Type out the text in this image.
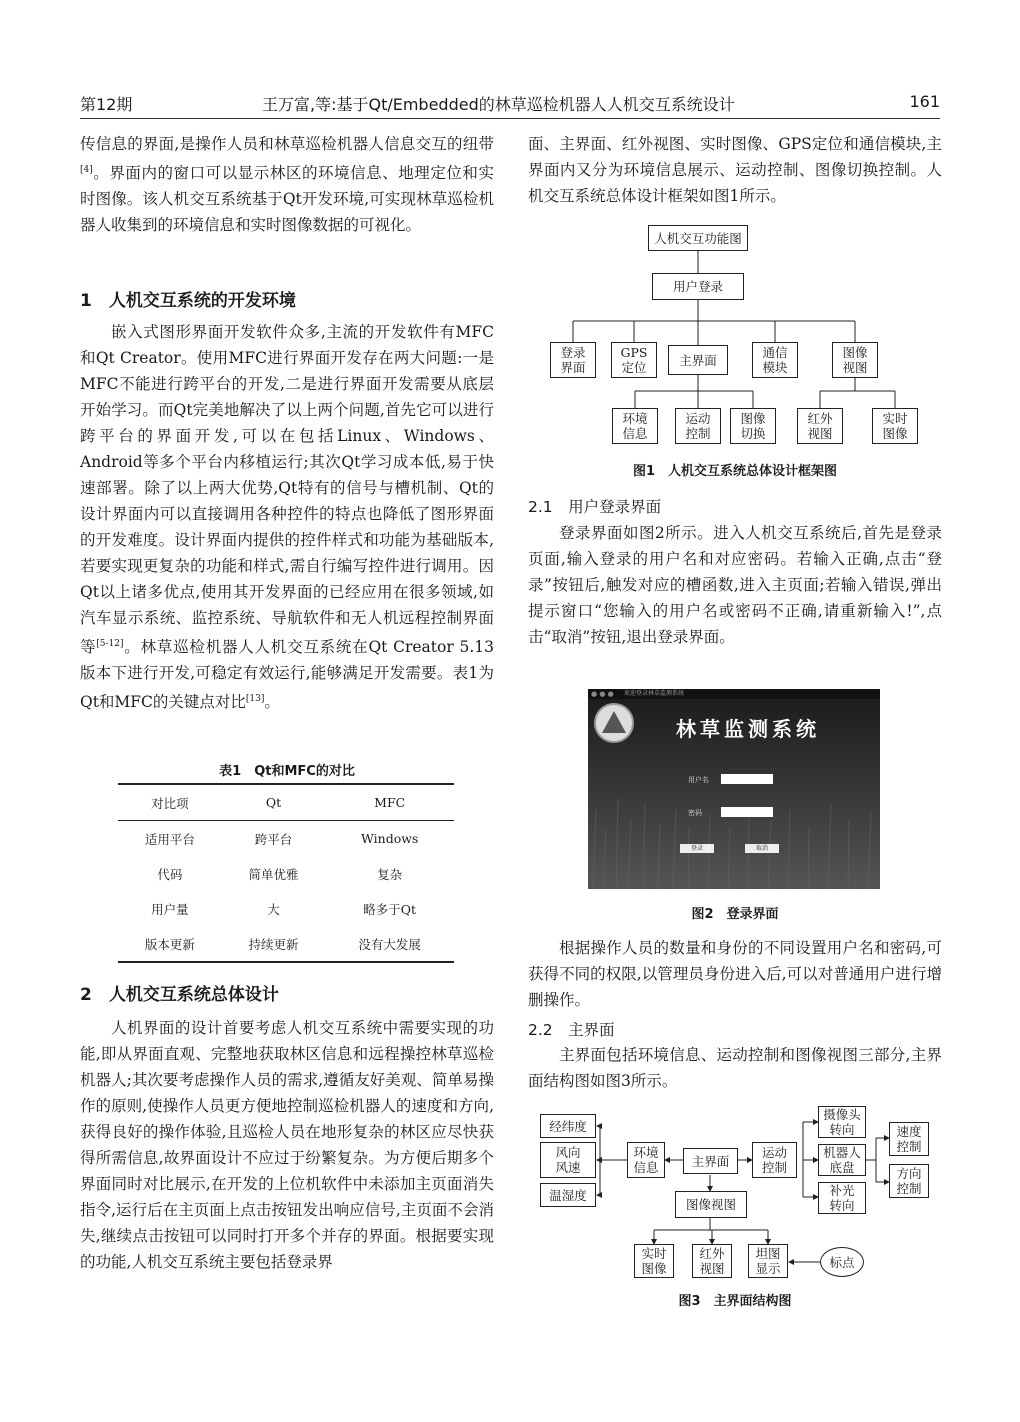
第12期	王万富,等:基于Qt/Embedded的林草巡检机器人人机交互系统设计	161

传信息的界面,是操作人员和林草巡检机器人信息交互的纽带[4]。界面内的窗口可以显示林区的环境信息、地理定位和实时图像。该人机交互系统基于Qt开发环境,可实现林草巡检机器人收集到的环境信息和实时图像数据的可视化。

1　人机交互系统的开发环境

嵌入式图形界面开发软件众多,主流的开发软件有MFC和Qt Creator。使用MFC进行界面开发存在两大问题:一是MFC不能进行跨平台的开发,二是进行界面开发需要从底层开始学习。而Qt完美地解决了以上两个问题,首先它可以进行跨平台的界面开发,可以在包括Linux、Windows、Android等多个平台内移植运行;其次Qt学习成本低,易于快速部署。除了以上两大优势,Qt特有的信号与槽机制、Qt的设计界面内可以直接调用各种控件的特点也降低了图形界面的开发难度。设计界面内提供的控件样式和功能为基础版本,若要实现更复杂的功能和样式,需自行编写控件进行调用。因Qt以上诸多优点,使用其开发界面的已经应用在很多领域,如汽车显示系统、监控系统、导航软件和无人机远程控制界面等[5-12]。林草巡检机器人人机交互系统在Qt Creator 5.13版本下进行开发,可稳定有效运行,能够满足开发需要。表1为Qt和MFC的关键点对比[13]。

表1　Qt和MFC的对比
对比项	Qt	MFC
适用平台	跨平台	Windows
代码	简单优雅	复杂
用户量	大	略多于Qt
版本更新	持续更新	没有大发展
2　人机交互系统总体设计

人机界面的设计首要考虑人机交互系统中需要实现的功能,即从界面直观、完整地获取林区信息和远程操控林草巡检机器人;其次要考虑操作人员的需求,遵循友好美观、简单易操作的原则,使操作人员更方便地控制巡检机器人的速度和方向,获得良好的操作体验,且巡检人员在地形复杂的林区应尽快获得所需信息,故界面设计不应过于纷繁复杂。为方便后期多个界面同时对比展示,在开发的上位机软件中未添加主页面消失指令,运行后在主页面上点击按钮发出响应信号,主页面不会消失,继续点击按钮可以同时打开多个并存的界面。根据要实现的功能,人机交互系统主要包括登录界

面、主界面、红外视图、实时图像、GPS定位和通信模块,主界面内又分为环境信息展示、运动控制、图像切换控制。人机交互系统总体设计框架如图1所示。

人机交互功能图
用户登录
登录
界面
GPS
定位	主界面	通信
模块
图像
视图
环境
信息
运动
控制
图像
切换
红外
视图
实时
图像
图1　人机交互系统总体设计框架图
2.1　用户登录界面

登录界面如图2所示。进入人机交互系统后,首先是登录页面,输入登录的用户名和对应密码。若输入正确,点击“登录”按钮后,触发对应的槽函数,进入主页面;若输入错误,弹出提示窗口“您输入的用户名或密码不正确,请重新输入!”,点击“取消”按钮,退出登录界面。

● ● ● 欢迎登录林草监测系统
林草监测系统
用户名
密码
登录	取消
图2　登录界面

根据操作人员的数量和身份的不同设置用户名和密码,可获得不同的权限,以管理员身份进入后,可以对普通用户进行增删操作。

2.2　主界面

主界面包括环境信息、运动控制和图像视图三部分,主界面结构图如图3所示。

经纬度
风向
风速
温湿度
环境
信息	主界面
运动
控制
摄像头
转向
机器人
底盘
补光
转向
速度
控制
方向
控制
图像视图
实时
图像
红外
视图
坦图
显示	标点
图3　主界面结构图
